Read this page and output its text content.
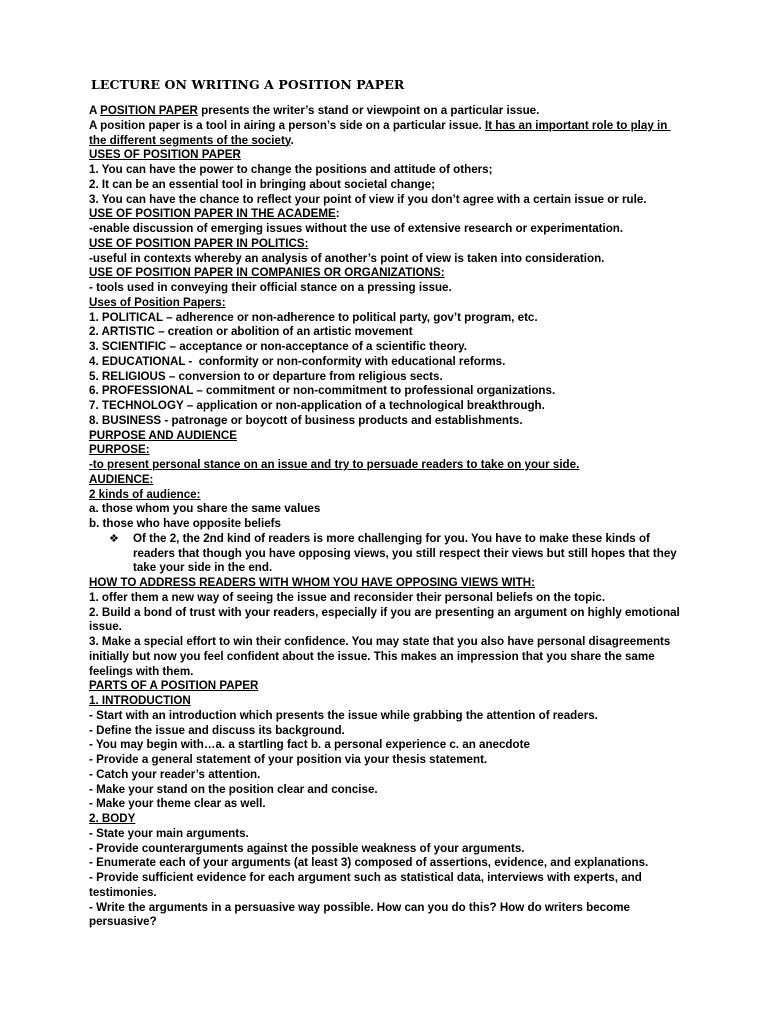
LECTURE ON WRITING A POSITION PAPER
A POSITION PAPER presents the writer’s stand or viewpoint on a particular issue.
A position paper is a tool in airing a person’s side on a particular issue. It has an important role to play in the different segments of the society.
USES OF POSITION PAPER
1. You can have the power to change the positions and attitude of others;
2. It can be an essential tool in bringing about societal change;
3. You can have the chance to reflect your point of view if you don’t agree with a certain issue or rule.
USE OF POSITION PAPER IN THE ACADEME:
-enable discussion of emerging issues without the use of extensive research or experimentation.
USE OF POSITION PAPER IN POLITICS:
-useful in contexts whereby an analysis of another’s point of view is taken into consideration.
USE OF POSITION PAPER IN COMPANIES OR ORGANIZATIONS:
- tools used in conveying their official stance on a pressing issue.
Uses of Position Papers:
1. POLITICAL – adherence or non-adherence to political party, gov’t program, etc.
2. ARTISTIC – creation or abolition of an artistic movement
3. SCIENTIFIC – acceptance or non-acceptance of a scientific theory.
4. EDUCATIONAL -  conformity or non-conformity with educational reforms.
5. RELIGIOUS – conversion to or departure from religious sects.
6. PROFESSIONAL – commitment or non-commitment to professional organizations.
7. TECHNOLOGY – application or non-application of a technological breakthrough.
8. BUSINESS - patronage or boycott of business products and establishments.
PURPOSE AND AUDIENCE
PURPOSE:
-to present personal stance on an issue and try to persuade readers to take on your side.
AUDIENCE:
2 kinds of audience:
a. those whom you share the same values
b. those who have opposite beliefs
❖	Of the 2, the 2nd kind of readers is more challenging for you. You have to make these kinds of readers that though you have opposing views, you still respect their views but still hopes that they take your side in the end.
HOW TO ADDRESS READERS WITH WHOM YOU HAVE OPPOSING VIEWS WITH:
1. offer them a new way of seeing the issue and reconsider their personal beliefs on the topic.
2. Build a bond of trust with your readers, especially if you are presenting an argument on highly emotional issue.
3. Make a special effort to win their confidence. You may state that you also have personal disagreements initially but now you feel confident about the issue. This makes an impression that you share the same feelings with them.
PARTS OF A POSITION PAPER
1. INTRODUCTION
- Start with an introduction which presents the issue while grabbing the attention of readers.
- Define the issue and discuss its background.
- You may begin with…a. a startling fact b. a personal experience c. an anecdote
- Provide a general statement of your position via your thesis statement.
- Catch your reader’s attention.
- Make your stand on the position clear and concise.
- Make your theme clear as well.
2. BODY
- State your main arguments.
- Provide counterarguments against the possible weakness of your arguments.
- Enumerate each of your arguments (at least 3) composed of assertions, evidence, and explanations.
- Provide sufficient evidence for each argument such as statistical data, interviews with experts, and testimonies.
- Write the arguments in a persuasive way possible. How can you do this? How do writers become persuasive?
